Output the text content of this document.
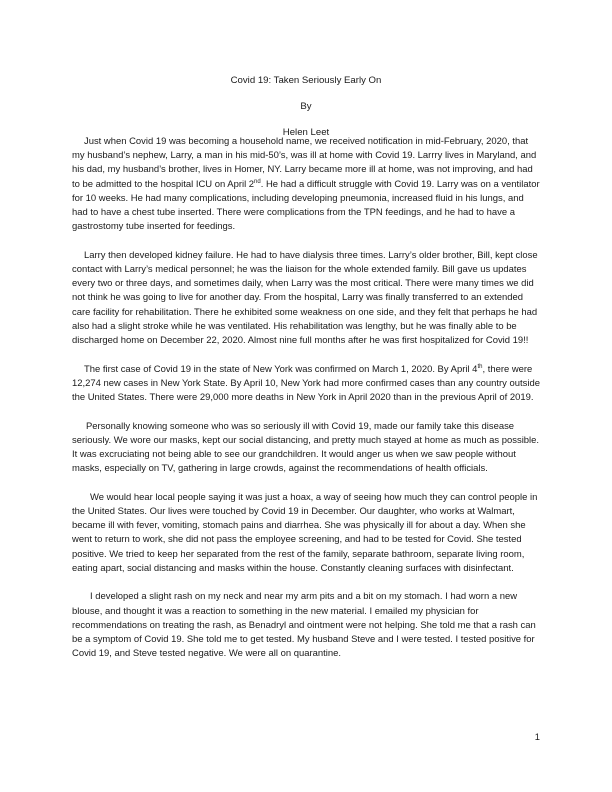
Covid 19: Taken Seriously Early On

By

Helen Leet

Just when Covid 19 was becoming a household name, we received notification in mid-February, 2020, that my husband’s nephew, Larry, a man in his mid-50’s, was ill at home with Covid 19. Larrry lives in Maryland, and his dad, my husband’s brother, lives in Homer, NY. Larry became more ill at home, was not improving, and had to be admitted to the hospital ICU on April 2nd. He had a difficult struggle with Covid 19. Larry was on a ventilator for 10 weeks. He had many complications, including developing pneumonia, increased fluid in his lungs, and had to have a chest tube inserted. There were complications from the TPN feedings, and he had to have a gastrostomy tube inserted for feedings.

Larry then developed kidney failure. He had to have dialysis three times. Larry’s older brother, Bill, kept close contact with Larry’s medical personnel; he was the liaison for the whole extended family. Bill gave us updates every two or three days, and sometimes daily, when Larry was the most critical. There were many times we did not think he was going to live for another day. From the hospital, Larry was finally transferred to an extended care facility for rehabilitation. There he exhibited some weakness on one side, and they felt that perhaps he had also had a slight stroke while he was ventilated. His rehabilitation was lengthy, but he was finally able to be discharged home on December 22, 2020. Almost nine full months after he was first hospitalized for Covid 19!!

The first case of Covid 19 in the state of New York was confirmed on March 1, 2020. By April 4th, there were 12,274 new cases in New York State. By April 10, New York had more confirmed cases than any country outside the United States. There were 29,000 more deaths in New York in April 2020 than in the previous April of 2019.

Personally knowing someone who was so seriously ill with Covid 19, made our family take this disease seriously. We wore our masks, kept our social distancing, and pretty much stayed at home as much as possible. It was excruciating not being able to see our grandchildren. It would anger us when we saw people without masks, especially on TV, gathering in large crowds, against the recommendations of health officials.

We would hear local people saying it was just a hoax, a way of seeing how much they can control people in the United States. Our lives were touched by Covid 19 in December. Our daughter, who works at Walmart, became ill with fever, vomiting, stomach pains and diarrhea. She was physically ill for about a day. When she went to return to work, she did not pass the employee screening, and had to be tested for Covid. She tested positive. We tried to keep her separated from the rest of the family, separate bathroom, separate living room, eating apart, social distancing and masks within the house. Constantly cleaning surfaces with disinfectant.

I developed a slight rash on my neck and near my arm pits and a bit on my stomach. I had worn a new blouse, and thought it was a reaction to something in the new material. I emailed my physician for recommendations on treating the rash, as Benadryl and ointment were not helping. She told me that a rash can be a symptom of Covid 19. She told me to get tested. My husband Steve and I were tested. I tested positive for Covid 19, and Steve tested negative. We were all on quarantine.

1
